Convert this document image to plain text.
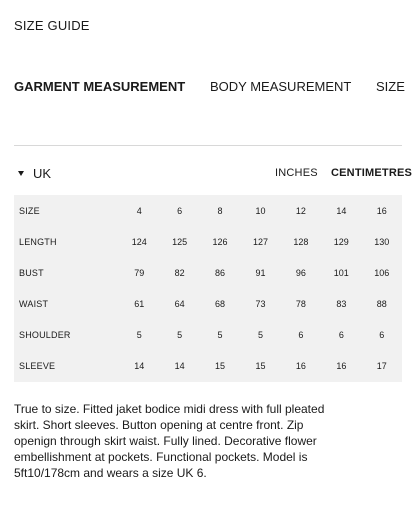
SIZE GUIDE
GARMENT MEASUREMENT BODY MEASUREMENT SIZE
UK	INCHES CENTIMETRES
SIZE	4	6	8	10	12	14	16
LENGTH	124	125	126	127	128	129	130
BUST	79	82	86	91	96	101	106
WAIST	61	64	68	73	78	83	88
SHOULDER	5	5	5	5	6	6	6
SLEEVE	14	14	15	15	16	16	17
True to size. Fitted jaket bodice midi dress with full pleated skirt. Short sleeves. Button opening at centre front. Zip openign through skirt waist. Fully lined. Decorative flower embellishment at pockets. Functional pockets. Model is 5ft10/178cm and wears a size UK 6.
